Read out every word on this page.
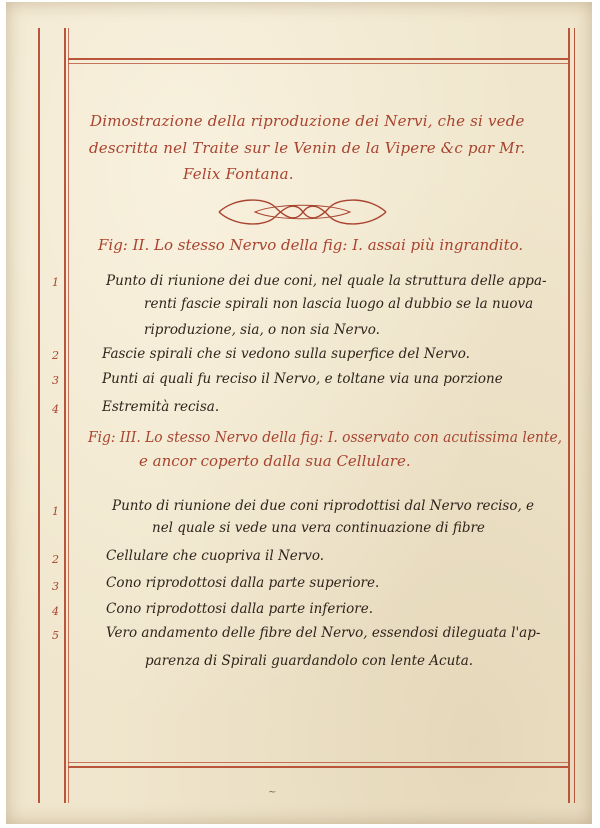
Dimostrazione della riproduzione dei Nervi, che si vede
descritta nel Traite sur le Venin de la Vipere &c par Mr.
Felix Fontana.
Fig: II. Lo stesso Nervo della fig: I. assai più ingrandito.
1	Punto di riunione dei due coni, nel quale la struttura delle appa-
renti fascie spirali non lascia luogo al dubbio se la nuova
riproduzione, sia, o non sia Nervo.
2	Fascie spirali che si vedono sulla superfice del Nervo.
3	Punti ai quali fu reciso il Nervo, e toltane via una porzione
4	Estremità recisa.
Fig: III. Lo stesso Nervo della fig: I. osservato con acutissima lente,
e ancor coperto dalla sua Cellulare.
1	Punto di riunione dei due coni riprodottisi dal Nervo reciso, e
nel quale si vede una vera continuazione di fibre
2	Cellulare che cuopriva il Nervo.
3	Cono riprodottosi dalla parte superiore.
4	Cono riprodottosi dalla parte inferiore.
5	Vero andamento delle fibre del Nervo, essendosi dileguata l'ap-
parenza di Spirali guardandolo con lente Acuta.
~
